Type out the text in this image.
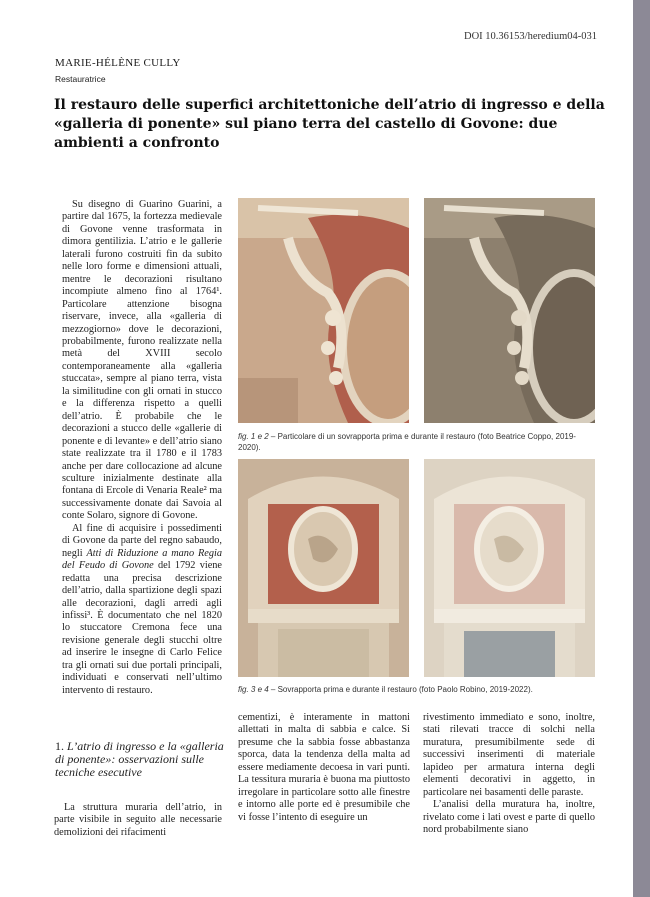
DOI 10.36153/heredium04-031
MARIE-HÉLÈNE CULLY
Restauratrice
Il restauro delle superfici architettoniche dell’atrio di ingresso e della «galleria di ponente» sul piano terra del castello di Govone: due ambienti a confronto

Su disegno di Guarino Guarini, a partire dal 1675, la fortezza medievale di Govone venne trasformata in dimora gentilizia. L’atrio e le gallerie laterali furono costruiti fin da subito nelle loro forme e dimensioni attuali, mentre le decorazioni risultano incompiute almeno fino al 1764¹. Particolare attenzione bisogna riservare, invece, alla «galleria di mezzogiorno» dove le decorazioni, probabilmente, furono realizzate nella metà del XVIII secolo contemporaneamente alla «galleria stuccata», sempre al piano terra, vista la similitudine con gli ornati in stucco e la differenza rispetto a quelli dell’atrio. È probabile che le decorazioni a stucco delle «gallerie di ponente e di levante» e dell’atrio siano state realizzate tra il 1780 e il 1783 anche per dare collocazione ad alcune sculture inizialmente destinate alla fontana di Ercole di Venaria Reale² ma successivamente donate dai Savoia al conte Solaro, signore di Govone.

Al fine di acquisire i possedimenti di Govone da parte del regno sabaudo, negli Atti di Riduzione a mano Regia del Feudo di Govone del 1792 viene redatta una precisa descrizione dell’atrio, dalla spartizione degli spazi alle decorazioni, dagli arredi agli infissi³. È documentato che nel 1820 lo stuccatore Cremona fece una revisione generale degli stucchi oltre ad inserire le insegne di Carlo Felice tra gli ornati sui due portali principali, individuati e conservati nell’ultimo intervento di restauro.

1. L’atrio di ingresso e la «galleria di ponente»: osservazioni sulle tecniche esecutive

La struttura muraria dell’atrio, in parte visibile in seguito alle necessarie demolizioni dei rifacimenti

fig. 1 e 2 – Particolare di un sovrapporta prima e durante il restauro (foto Beatrice Coppo, 2019-2020).
fig. 3 e 4 – Sovrapporta prima e durante il restauro (foto Paolo Robino, 2019-2022).

cementizi, è interamente in mattoni allettati in malta di sabbia e calce. Si presume che la sabbia fosse abbastanza sporca, data la tendenza della malta ad essere mediamente decoesa in vari punti. La tessitura muraria è buona ma piuttosto irregolare in particolare sotto alle finestre e intorno alle porte ed è presumibile che vi fosse l’intento di eseguire un

rivestimento immediato e sono, inoltre, stati rilevati tracce di solchi nella muratura, presumibilmente sede di successivi inserimenti di materiale lapideo per armatura interna degli elementi decorativi in aggetto, in particolare nei basamenti delle paraste.

L’analisi della muratura ha, inoltre, rivelato come i lati ovest e parte di quello nord probabilmente siano
